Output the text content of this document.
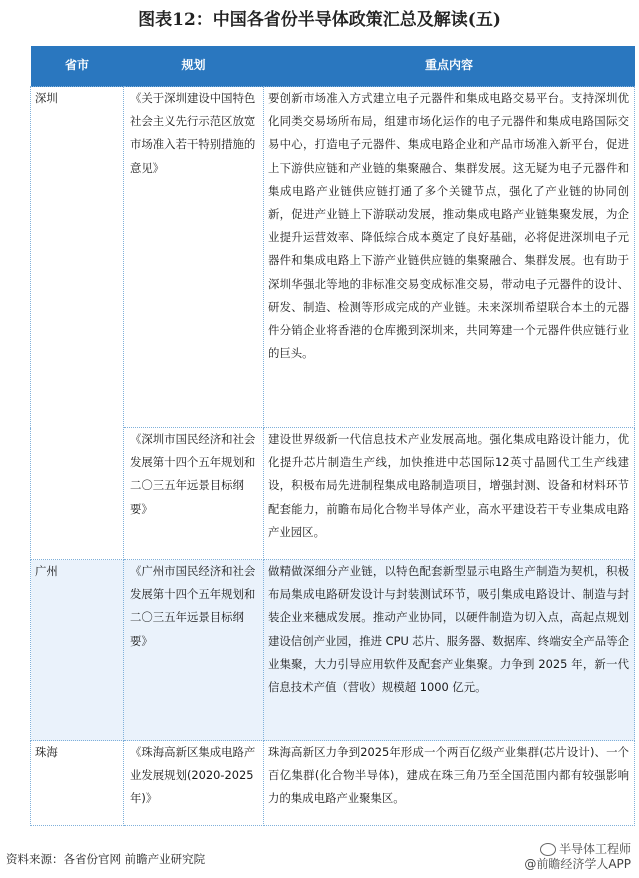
图表12：中国各省份半导体政策汇总及解读(五)
省市	规划	重点内容
深圳	《关于深圳建设中国特色社会主义先行示范区放宽市场准入若干特别措施的意见》	要创新市场准入方式建立电子元器件和集成电路交易平台。支持深圳优化同类交易场所布局，组建市场化运作的电子元器件和集成电路国际交易中心，打造电子元器件、集成电路企业和产品市场准入新平台，促进上下游供应链和产业链的集聚融合、集群发展。这无疑为电子元器件和集成电路产业链供应链打通了多个关键节点，强化了产业链的协同创新，促进产业链上下游联动发展，推动集成电路产业链集聚发展，为企业提升运营效率、降低综合成本奠定了良好基础，必将促进深圳电子元器件和集成电路上下游产业链供应链的集聚融合、集群发展。也有助于深圳华强北等地的非标准交易变成标准交易，带动电子元器件的设计、研发、制造、检测等形成完成的产业链。未来深圳希望联合本土的元器件分销企业将香港的仓库搬到深圳来，共同筹建一个元器件供应链行业的巨头。
	《深圳市国民经济和社会发展第十四个五年规划和二〇三五年远景目标纲要》	建设世界级新一代信息技术产业发展高地。强化集成电路设计能力，优化提升芯片制造生产线，加快推进中芯国际12英寸晶圆代工生产线建设，积极布局先进制程集成电路制造项目，增强封测、设备和材料环节配套能力，前瞻布局化合物半导体产业，高水平建设若干专业集成电路产业园区。
广州	《广州市国民经济和社会发展第十四个五年规划和二〇三五年远景目标纲要》	做精做深细分产业链，以特色配套新型显示电路生产制造为契机，积极布局集成电路研发设计与封装测试环节，吸引集成电路设计、制造与封装企业来穗成发展。推动产业协同，以硬件制造为切入点，高起点规划建设信创产业园，推进 CPU 芯片、服务器、数据库、终端安全产品等企业集聚，大力引导应用软件及配套产业集聚。力争到 2025 年，新一代信息技术产值（营收）规模超 1000 亿元。
珠海	《珠海高新区集成电路产业发展规划(2020-2025年)》	珠海高新区力争到2025年形成一个两百亿级产业集群(芯片设计)、一个百亿集群(化合物半导体)，建成在珠三角乃至全国范围内都有较强影响力的集成电路产业聚集区。
资料来源：各省份官网 前瞻产业研究院
半导体工程师
@前瞻经济学人APP
